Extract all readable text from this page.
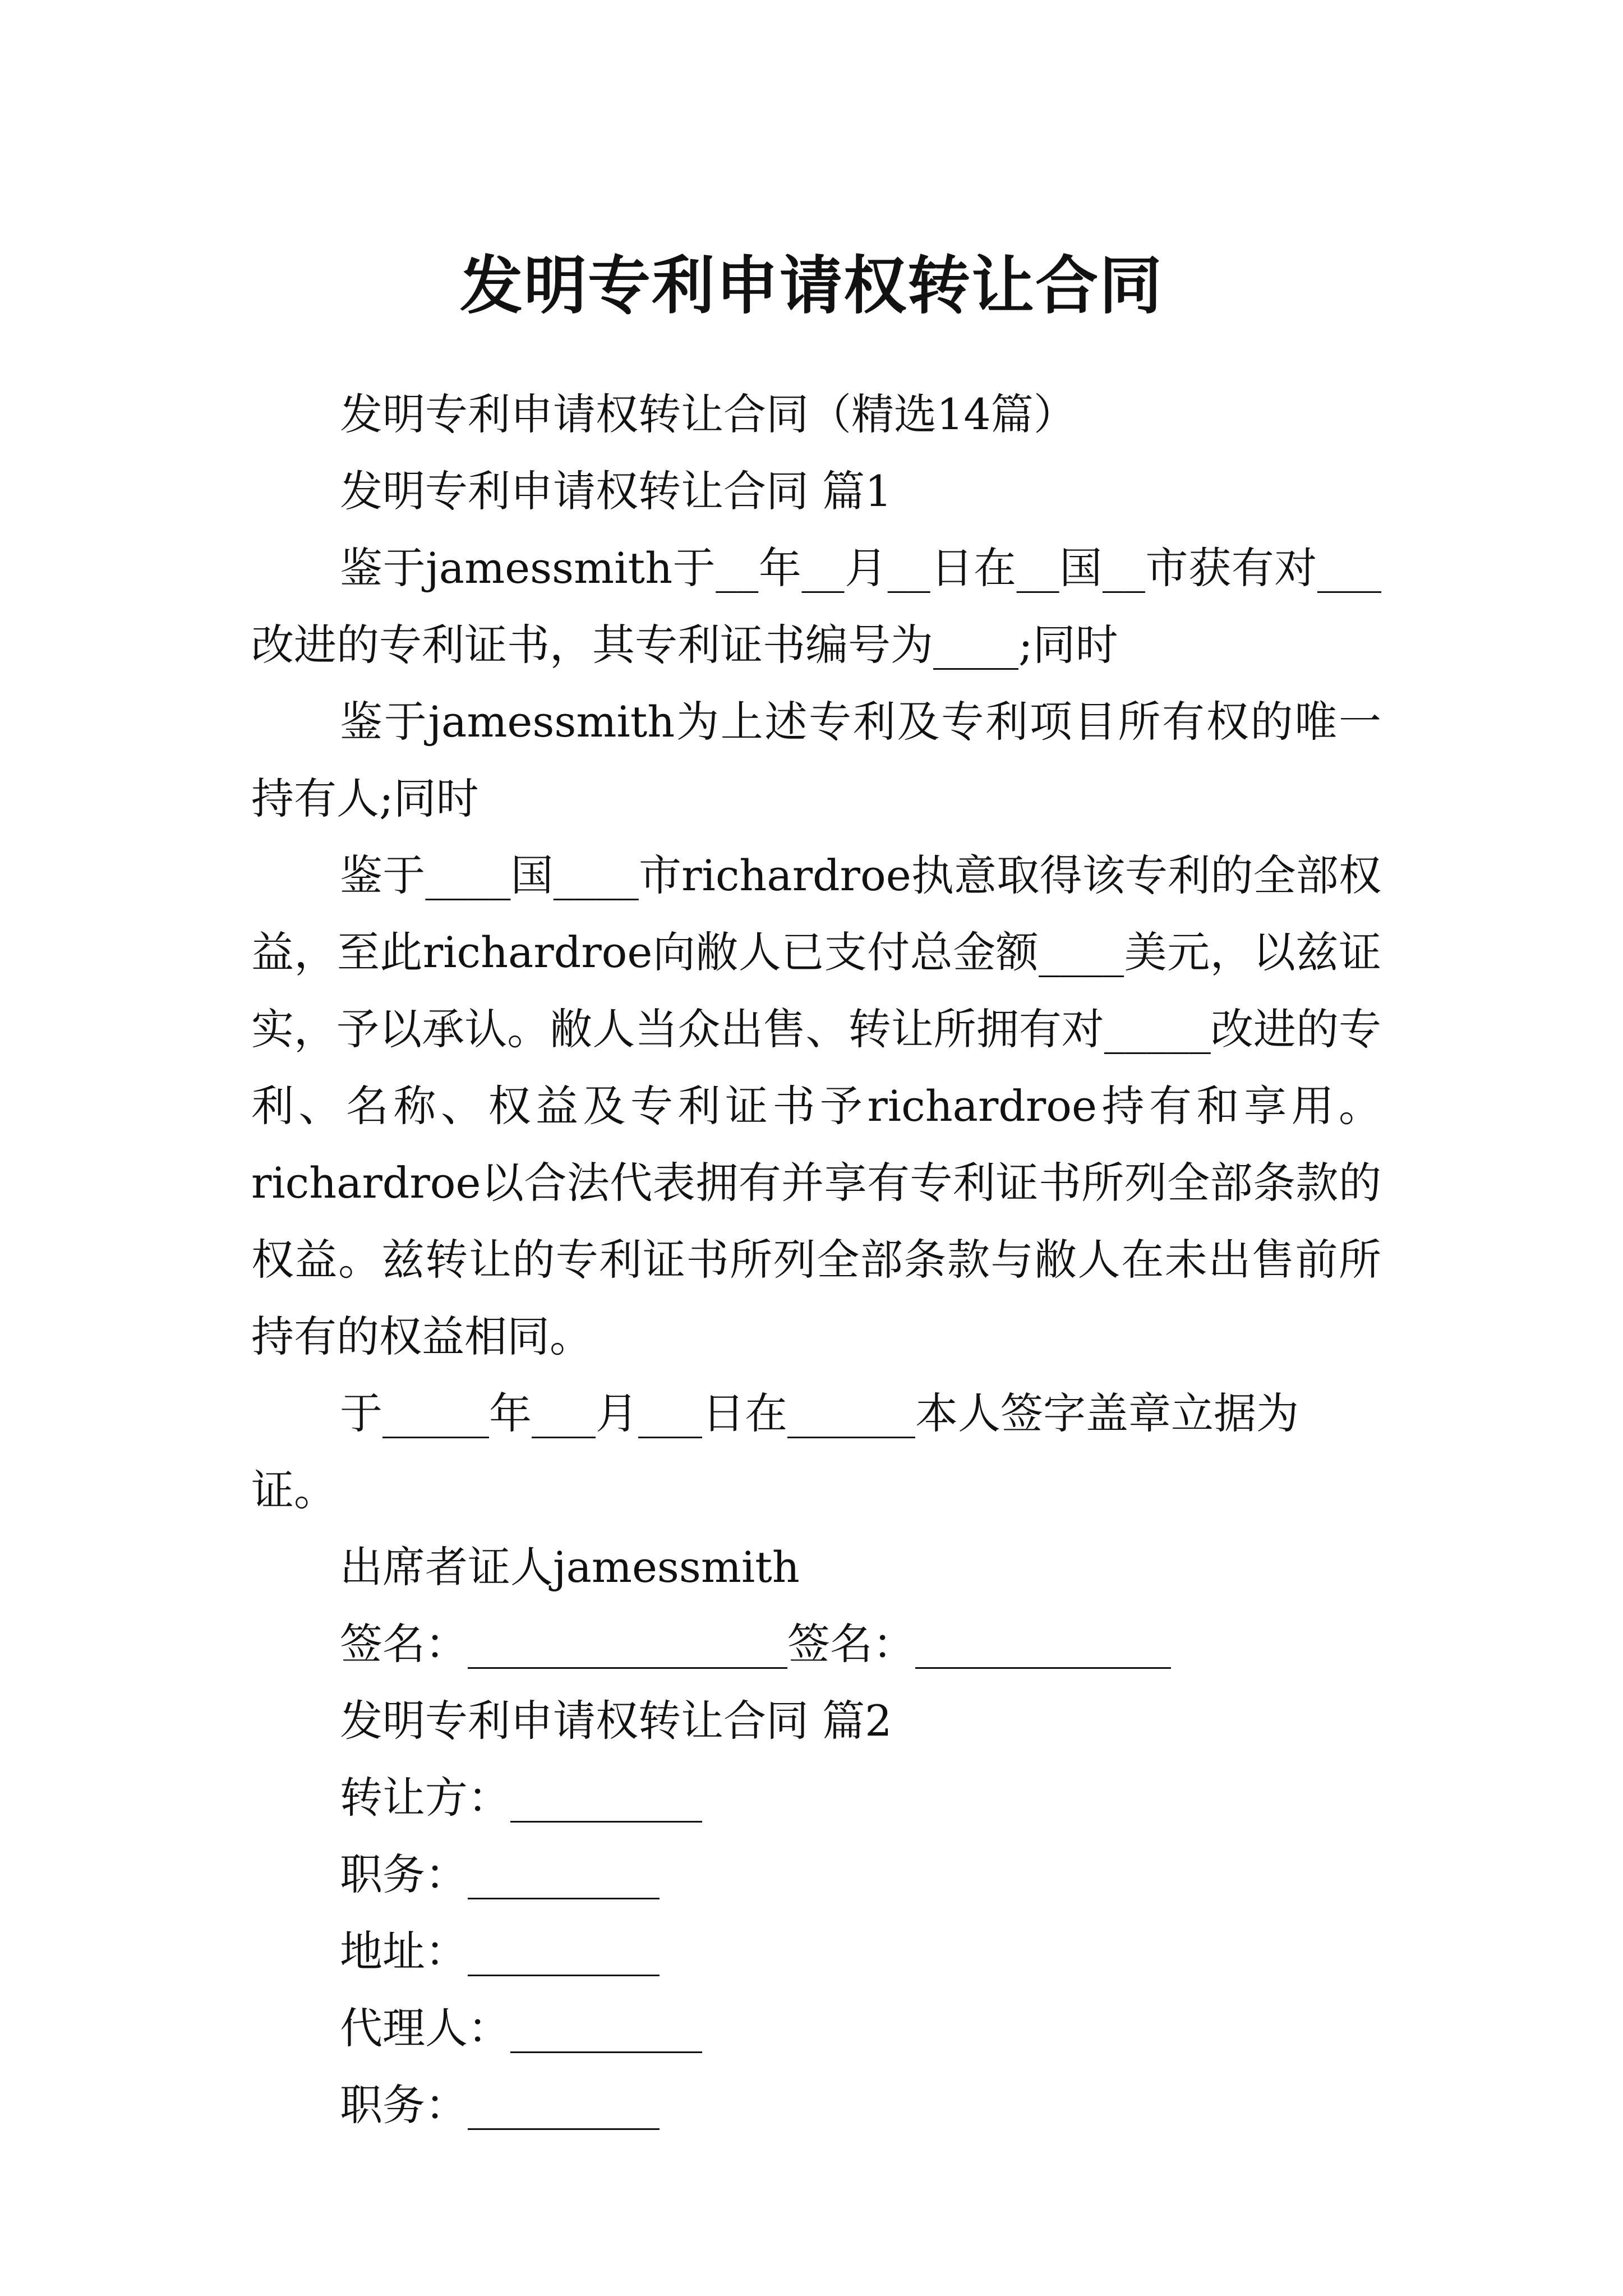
发明专利申请权转让合同

发明专利申请权转让合同（精选14篇）

发明专利申请权转让合同 篇1

鉴于jamessmith于__年__月__日在__国__市获有对___改进的专利证书，其专利证书编号为____;同时

鉴于jamessmith为上述专利及专利项目所有权的唯一持有人;同时

鉴于____国____市richardroe执意取得该专利的全部权益，至此richardroe向敝人已支付总金额____美元，以兹证实，予以承认。敝人当众出售、转让所拥有对_____改进的专利、名称、权益及专利证书予richardroe持有和享用。richardroe以合法代表拥有并享有专利证书所列全部条款的权益。兹转让的专利证书所列全部条款与敝人在未出售前所持有的权益相同。

于_____年___月___日在______本人签字盖章立据为证。

出席者证人jamessmith

签名：_______________签名：____________

发明专利申请权转让合同 篇2

转让方：_________

职务：_________

地址：_________

代理人：_________

职务：_________
